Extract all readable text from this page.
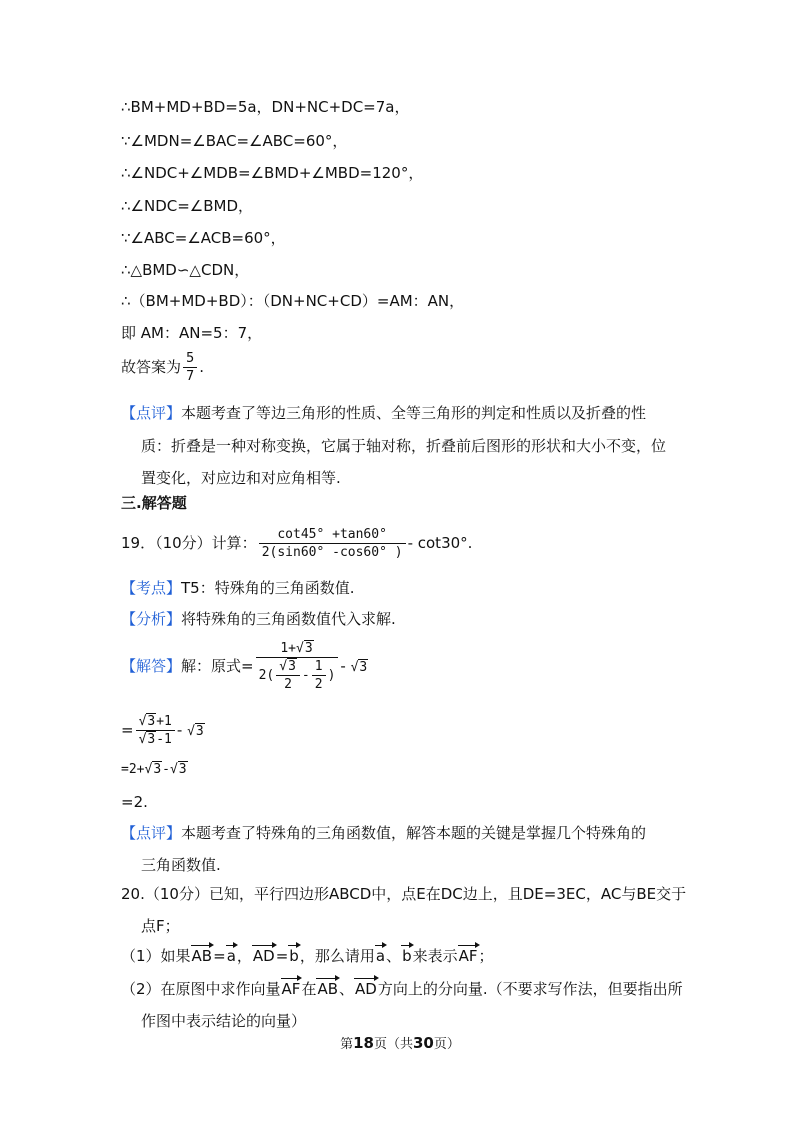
∴BM+MD+BD=5a，DN+NC+DC=7a，
∵∠MDN=∠BAC=∠ABC=60°，
∴∠NDC+∠MDB=∠BMD+∠MBD=120°，
∴∠NDC=∠BMD，
∵∠ABC=∠ACB=60°，
∴△BMD∽△CDN，
∴（BM+MD+BD）：（DN+NC+CD）=AM：AN，
即 AM：AN=5：7，
故答案为 $\frac{5}{7}$ .
【点评】本题考查了等边三角形的性质、全等三角形的判定和性质以及折叠的性
质：折叠是一种对称变换，它属于轴对称，折叠前后图形的形状和大小不变，位
置变化，对应边和对应角相等.
三.解答题
19．（10分）计算： $\frac{\cot 45^\circ +\tan 60^\circ}{2(\sin 60^\circ -\cos 60^\circ )} - \cot 30^\circ$.
【考点】T5：特殊角的三角函数值.
【分析】将特殊角的三角函数值代入求解.
【解答】解：原式= $\frac{1+√3}{2( \frac{√3}{2} - \frac{1}{2} )} - √3$
= $\frac{√3+1}{√3-1} - √3$
=2+√3-√3
=2.
【点评】本题考查了特殊角的三角函数值，解答本题的关键是掌握几个特殊角的
三角函数值.
20.（10分）已知，平行四边形ABCD中，点E在DC边上，且DE=3EC，AC与BE交于
点F；
（1）如果AB=a，AD=b，那么请用a、b来表示AF；
（2）在原图中求作向量AF在AB、AD方向上的分向量.（不要求写作法，但要指出所
作图中表示结论的向量）
第18页（共30页）
